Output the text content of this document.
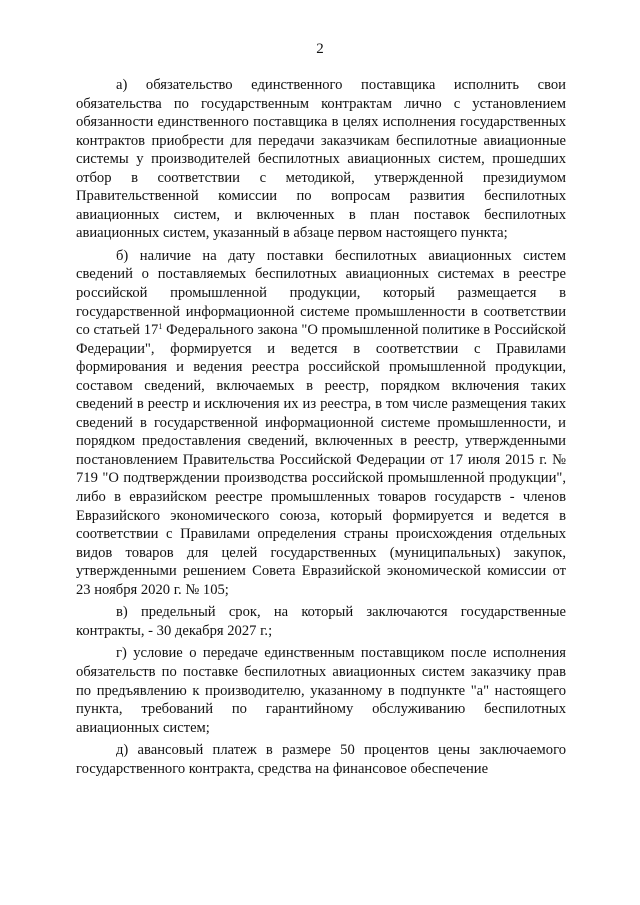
2

а) обязательство единственного поставщика исполнить свои обязательства по государственным контрактам лично с установлением обязанности единственного поставщика в целях исполнения государственных контрактов приобрести для передачи заказчикам беспилотные авиационные системы у производителей беспилотных авиационных систем, прошедших отбор в соответствии с методикой, утвержденной президиумом Правительственной комиссии по вопросам развития беспилотных авиационных систем, и включенных в план поставок беспилотных авиационных систем, указанный в абзаце первом настоящего пункта;

б) наличие на дату поставки беспилотных авиационных систем сведений о поставляемых беспилотных авиационных системах в реестре российской промышленной продукции, который размещается в государственной информационной системе промышленности в соответствии со статьей $17^1$ Федерального закона "О промышленной политике в Российской Федерации", формируется и ведется в соответствии с Правилами формирования и ведения реестра российской промышленной продукции, составом сведений, включаемых в реестр, порядком включения таких сведений в реестр и исключения их из реестра, в том числе размещения таких сведений в государственной информационной системе промышленности, и порядком предоставления сведений, включенных в реестр, утвержденными постановлением Правительства Российской Федерации от 17 июля 2015 г. № 719 "О подтверждении производства российской промышленной продукции", либо в евразийском реестре промышленных товаров государств - членов Евразийского экономического союза, который формируется и ведется в соответствии с Правилами определения страны происхождения отдельных видов товаров для целей государственных (муниципальных) закупок, утвержденными решением Совета Евразийской экономической комиссии от 23 ноября 2020 г. № 105;

в) предельный срок, на который заключаются государственные контракты, - 30 декабря 2027 г.;

г) условие о передаче единственным поставщиком после исполнения обязательств по поставке беспилотных авиационных систем заказчику прав по предъявлению к производителю, указанному в подпункте "а" настоящего пункта, требований по гарантийному обслуживанию беспилотных авиационных систем;

д) авансовый платеж в размере 50 процентов цены заключаемого государственного контракта, средства на финансовое обеспечение
